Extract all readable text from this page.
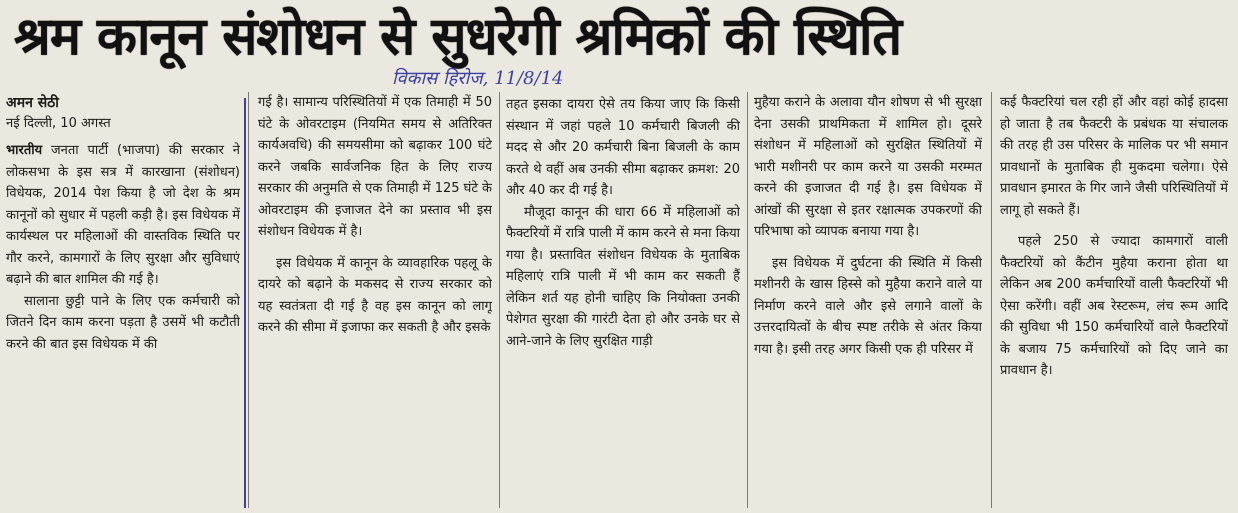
श्रम कानून संशोधन से सुधरेगी श्रमिकों की स्थिति
विकास हिरोज, 11/8/14
अमन सेठी
नई दिल्ली, 10 अगस्त

भारतीय जनता पार्टी (भाजपा) की सरकार ने लोकसभा के इस सत्र में कारखाना (संशोधन) विधेयक, 2014 पेश किया है जो देश के श्रम कानूनों को सुधार में पहली कड़ी है। इस विधेयक में कार्यस्थल पर महिलाओं की वास्तविक स्थिति पर गौर करने, कामगारों के लिए सुरक्षा और सुविधाएं बढ़ाने की बात शामिल की गई है।

सालाना छुट्टी पाने के लिए एक कर्मचारी को जितने दिन काम करना पड़ता है उसमें भी कटौती करने की बात इस विधेयक में की

गई है। सामान्य परिस्थितियों में एक तिमाही में 50 घंटे के ओवरटाइम (नियमित समय से अतिरिक्त कार्यअवधि) की समयसीमा को बढ़ाकर 100 घंटे करने जबकि सार्वजनिक हित के लिए राज्य सरकार की अनुमति से एक तिमाही में 125 घंटे के ओवरटाइम की इजाजत देने का प्रस्ताव भी इस संशोधन विधेयक में है।

इस विधेयक में कानून के व्यावहारिक पहलू के दायरे को बढ़ाने के मकसद से राज्य सरकार को यह स्वतंत्रता दी गई है वह इस कानून को लागू करने की सीमा में इजाफा कर सकती है और इसके

तहत इसका दायरा ऐसे तय किया जाए कि किसी संस्थान में जहां पहले 10 कर्मचारी बिजली की मदद से और 20 कर्मचारी बिना बिजली के काम करते थे वहीं अब उनकी सीमा बढ़ाकर क्रमश: 20 और 40 कर दी गई है।

मौजूदा कानून की धारा 66 में महिलाओं को फैक्टरियों में रात्रि पाली में काम करने से मना किया गया है। प्रस्तावित संशोधन विधेयक के मुताबिक महिलाएं रात्रि पाली में भी काम कर सकती हैं लेकिन शर्त यह होनी चाहिए कि नियोक्ता उनकी पेशेगत सुरक्षा की गारंटी देता हो और उनके घर से आने-जाने के लिए सुरक्षित गाड़ी

मुहैया कराने के अलावा यौन शोषण से भी सुरक्षा देना उसकी प्राथमिकता में शामिल हो। दूसरे संशोधन में महिलाओं को सुरक्षित स्थितियों में भारी मशीनरी पर काम करने या उसकी मरम्मत करने की इजाजत दी गई है। इस विधेयक में आंखों की सुरक्षा से इतर रक्षात्मक उपकरणों की परिभाषा को व्यापक बनाया गया है।

इस विधेयक में दुर्घटना की स्थिति में किसी मशीनरी के खास हिस्से को मुहैया कराने वाले या निर्माण करने वाले और इसे लगाने वालों के उत्तरदायित्वों के बीच स्पष्ट तरीके से अंतर किया गया है। इसी तरह अगर किसी एक ही परिसर में

कई फैक्टरियां चल रही हों और वहां कोई हादसा हो जाता है तब फैक्टरी के प्रबंधक या संचालक की तरह ही उस परिसर के मालिक पर भी समान प्रावधानों के मुताबिक ही मुकदमा चलेगा। ऐसे प्रावधान इमारत के गिर जाने जैसी परिस्थितियों में लागू हो सकते हैं।

पहले 250 से ज्यादा कामगारों वाली फैक्टरियों को कैंटीन मुहैया कराना होता था लेकिन अब 200 कर्मचारियों वाली फैक्टरियों भी ऐसा करेंगी। वहीं अब रेस्टरूम, लंच रूम आदि की सुविधा भी 150 कर्मचारियों वाले फैक्टरियों के बजाय 75 कर्मचारियों को दिए जाने का प्रावधान है।
